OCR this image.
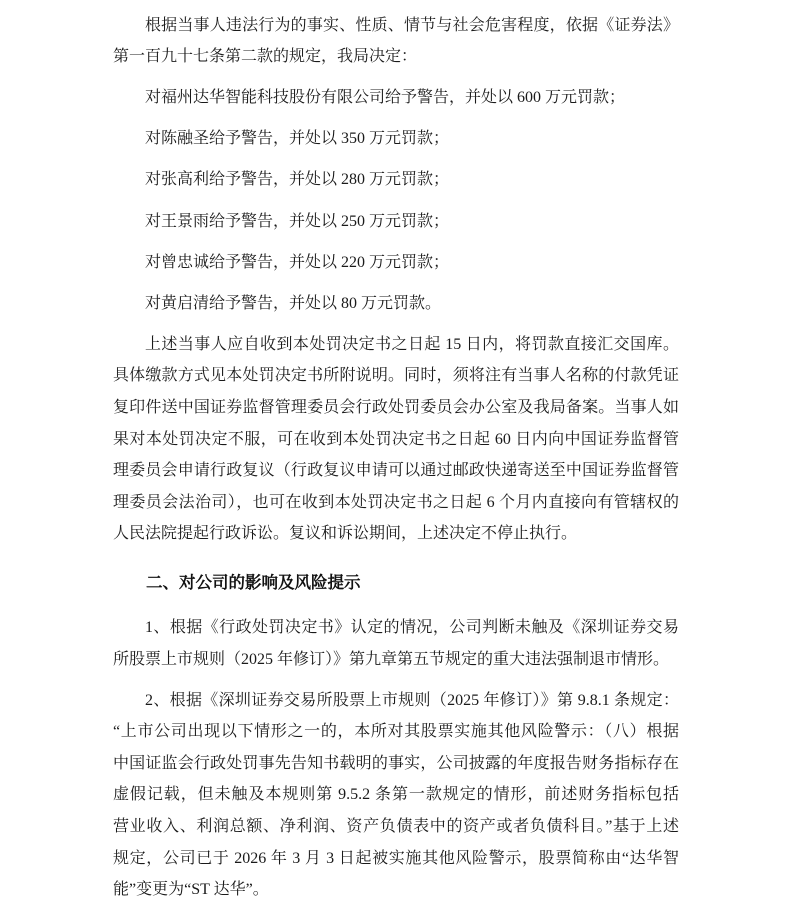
根据当事人违法行为的事实、性质、情节与社会危害程度，依据《证券法》
第一百九十七条第二款的规定，我局决定：
对福州达华智能科技股份有限公司给予警告，并处以 600 万元罚款；
对陈融圣给予警告，并处以 350 万元罚款；
对张高利给予警告，并处以 280 万元罚款；
对王景雨给予警告，并处以 250 万元罚款；
对曾忠诚给予警告，并处以 220 万元罚款；
对黄启清给予警告，并处以 80 万元罚款。
上述当事人应自收到本处罚决定书之日起 15 日内，将罚款直接汇交国库。
具体缴款方式见本处罚决定书所附说明。同时，须将注有当事人名称的付款凭证
复印件送中国证券监督管理委员会行政处罚委员会办公室及我局备案。当事人如
果对本处罚决定不服，可在收到本处罚决定书之日起 60 日内向中国证券监督管
理委员会申请行政复议（行政复议申请可以通过邮政快递寄送至中国证券监督管
理委员会法治司），也可在收到本处罚决定书之日起 6 个月内直接向有管辖权的
人民法院提起行政诉讼。复议和诉讼期间，上述决定不停止执行。
二、对公司的影响及风险提示
1、根据《行政处罚决定书》认定的情况，公司判断未触及《深圳证券交易
所股票上市规则（2025 年修订）》第九章第五节规定的重大违法强制退市情形。
2、根据《深圳证券交易所股票上市规则（2025 年修订）》第 9.8.1 条规定：
“上市公司出现以下情形之一的，本所对其股票实施其他风险警示：（八）根据
中国证监会行政处罚事先告知书载明的事实，公司披露的年度报告财务指标存在
虚假记载，但未触及本规则第 9.5.2 条第一款规定的情形，前述财务指标包括
营业收入、利润总额、净利润、资产负债表中的资产或者负债科目。”基于上述
规定，公司已于 2026 年 3 月 3 日起被实施其他风险警示，股票简称由“达华智
能”变更为“ST 达华”。
